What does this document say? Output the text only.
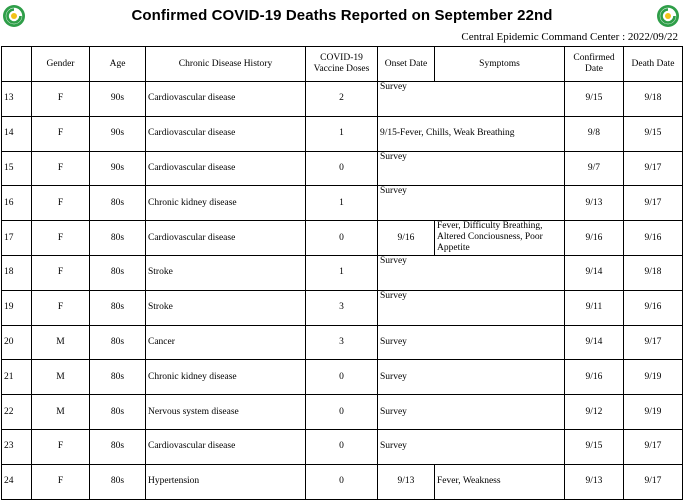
Confirmed COVID-19 Deaths Reported on September 22nd
Central Epidemic Command Center : 2022/09/22
	Gender	Age	Chronic Disease History	COVID-19 Vaccine Doses	Onset Date	Symptoms	Confirmed Date	Death Date
13	F	90s	Cardiovascular disease	2	Survey		9/15	9/18
14	F	90s	Cardiovascular disease	1	9/15-Fever, Chills, Weak Breathing		9/8	9/15
15	F	90s	Cardiovascular disease	0	Survey		9/7	9/17
16	F	80s	Chronic kidney disease	1	Survey		9/13	9/17
17	F	80s	Cardiovascular disease	0	9/16	Fever, Difficulty Breathing, Altered Conciousness, Poor Appetite	9/16	9/16
18	F	80s	Stroke	1	Survey		9/14	9/18
19	F	80s	Stroke	3	Survey		9/11	9/16
20	M	80s	Cancer	3	Survey		9/14	9/17
21	M	80s	Chronic kidney disease	0	Survey		9/16	9/19
22	M	80s	Nervous system disease	0	Survey		9/12	9/19
23	F	80s	Cardiovascular disease	0	Survey		9/15	9/17
24	F	80s	Hypertension	0	9/13	Fever, Weakness	9/13	9/17
